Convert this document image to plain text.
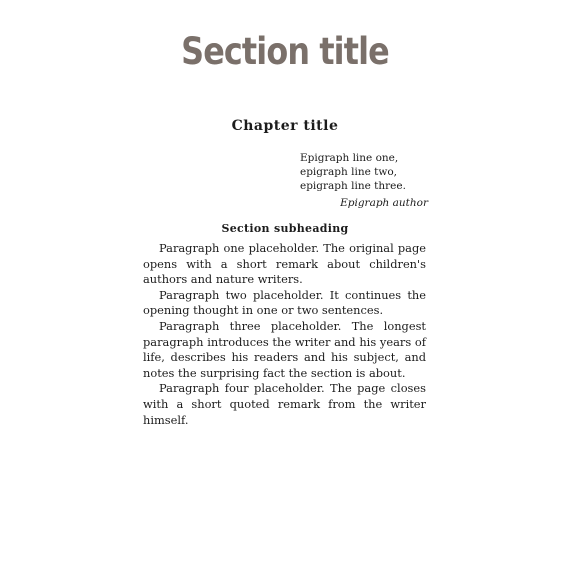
Section title
Chapter title
Epigraph line one,
epigraph line two,
epigraph line three.
Epigraph author
Section subheading

Paragraph one placeholder. The original page opens with a short remark about children's authors and nature writers.

Paragraph two placeholder. It continues the opening thought in one or two sentences.

Paragraph three placeholder. The longest paragraph introduces the writer and his years of life, describes his readers and his subject, and notes the surprising fact the section is about.

Paragraph four placeholder. The page closes with a short quoted remark from the writer himself.
